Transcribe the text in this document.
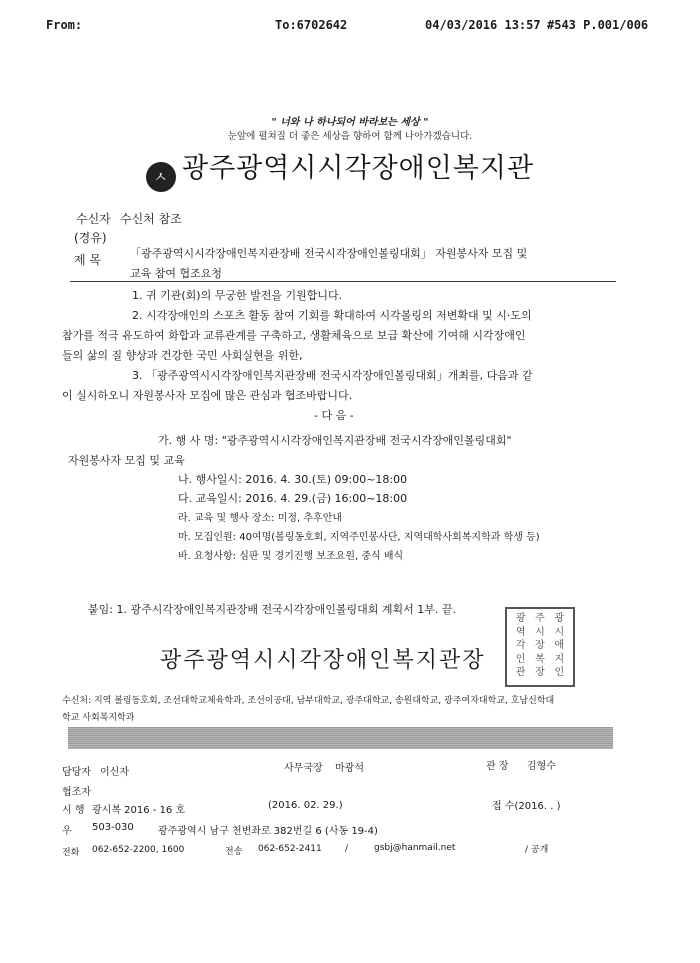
From:	To:6702642	04/03/2016 13:57 #543 P.001/006
" 너와 나 하나되어 바라보는 세상 "
눈앞에 펼쳐질 더 좋은 세상을 향하여 함께 나아가겠습니다.
ㅅ 광주광역시시각장애인복지관
수신자 수신처 참조
(경유)
제 목	「광주광역시시각장애인복지관장배 전국시각장애인볼링대회」 자원봉사자 모집 및
교육 참여 협조요청
1. 귀 기관(회)의 무궁한 발전을 기원합니다.
2. 시각장애인의 스포츠 활동 참여 기회를 확대하여 시각볼링의 저변확대 및 시·도의
참가를 적극 유도하여 화합과 교류관계를 구축하고, 생활체육으로 보급 확산에 기여해 시각장애인
들의 삶의 질 향상과 건강한 국민 사회실현을 위한,
3. 「광주광역시시각장애인복지관장배 전국시각장애인볼링대회」개최를, 다음과 같
이 실시하오니 자원봉사자 모집에 많은 관심과 협조바랍니다.
- 다 음 -
가. 행 사 명: "광주광역시시각장애인복지관장배 전국시각장애인볼링대회"
자원봉사자 모집 및 교육
나. 행사일시: 2016. 4. 30.(토) 09:00~18:00
다. 교육일시: 2016. 4. 29.(금) 16:00~18:00
라. 교육 및 행사 장소: 미정, 추후안내
마. 모집인원: 40여명(볼링동호회, 지역주민봉사단, 지역대학사회복지학과 학생 등)
바. 요청사항: 심판 및 경기진행 보조요원, 중식 배식
붙임: 1. 광주시각장애인복지관장배 전국시각장애인볼링대회 계획서 1부. 끝.
광주광역시시각장애인복지관장
광 주 광
역 시 시
각 장 애
인 복 지
관 장 인
수신처: 지역 볼링동호회, 조선대학교체육학과, 조선이공대, 남부대학교, 광주대학교, 송원대학교, 광주여자대학교, 호남신학대
학교 사회복지학과
담당자 이신자	사무국장 마광석	관 장 김형수
협조자
시 행 광시복 2016 - 16 호	(2016. 02. 29.)	접 수(2016. . )
우 503-030 광주광역시 남구 천변좌로 382번길 6 (사동 19-4)
전화 062-652-2200, 1600	전송 062-652-2411	/	gsbj@hanmail.net	/ 공개
